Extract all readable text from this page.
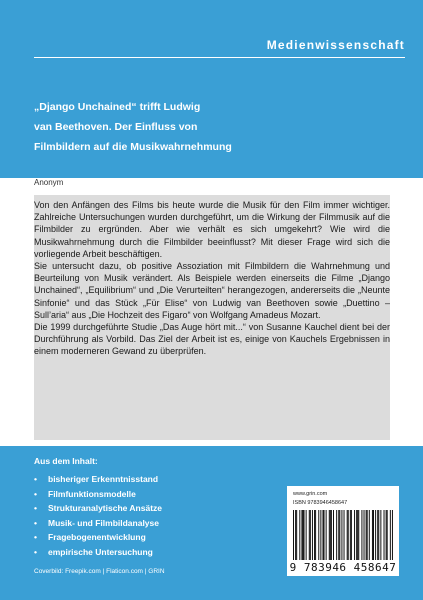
Medienwissenschaft
„Django Unchained“ trifft Ludwig
van Beethoven. Der Einfluss von
Filmbildern auf die Musikwahrnehmung
Anonym

Von den Anfängen des Films bis heute wurde die Musik für den Film immer wichtiger. Zahlreiche Untersuchungen wurden durchgeführt, um die Wirkung der Filmmusik auf die Filmbilder zu ergründen. Aber wie verhält es sich umgekehrt? Wie wird die Musikwahrnehmung durch die Filmbilder beeinflusst? Mit dieser Frage wird sich die vorliegende Arbeit beschäftigen.

Sie untersucht dazu, ob positive Assoziation mit Filmbildern die Wahrnehmung und Beurteilung von Musik verändert. Als Beispiele werden einerseits die Filme „Django Unchained“, „Equilibrium“ und „Die Verurteilten“ herangezogen, andererseits die „Neunte Sinfonie“ und das Stück „Für Elise“ von Ludwig van Beethoven sowie „Duettino – Sull’aria“ aus „Die Hochzeit des Figaro“ von Wolfgang Amadeus Mozart.

Die 1999 durchgeführte Studie „Das Auge hört mit...“ von Susanne Kauchel dient bei der Durchführung als Vorbild. Das Ziel der Arbeit ist es, einige von Kauchels Ergebnissen in einem moderneren Gewand zu überprüfen.

Aus dem Inhalt:
• bisheriger Erkenntnisstand
• Filmfunktionsmodelle
• Strukturanalytische Ansätze
• Musik- und Filmbildanalyse
• Fragebogenentwicklung
• empirische Untersuchung
Coverbild: Freepik.com | Flaticon.com | GRIN
www.grin.com
ISBN 9783946458647
9 783946 458647
